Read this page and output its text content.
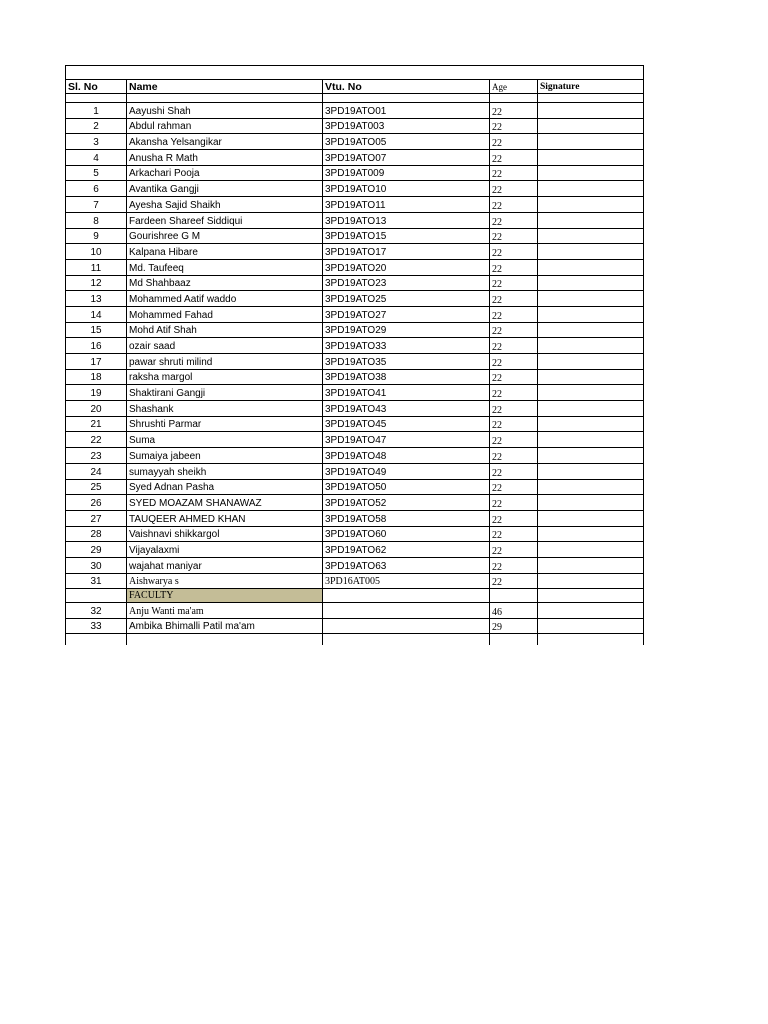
Sl. No	Name	Vtu. No	Age	Signature

1	Aayushi Shah	3PD19ATO01	22	
2	Abdul rahman	3PD19AT003	22	
3	Akansha Yelsangikar	3PD19ATO05	22	
4	Anusha R Math	3PD19ATO07	22	
5	Arkachari Pooja	3PD19AT009	22	
6	Avantika Gangji	3PD19ATO10	22	
7	Ayesha Sajid Shaikh	3PD19ATO11	22	
8	Fardeen Shareef Siddiqui	3PD19ATO13	22	
9	Gourishree G M	3PD19ATO15	22	
10	Kalpana Hibare	3PD19ATO17	22	
11	Md. Taufeeq	3PD19ATO20	22	
12	Md Shahbaaz	3PD19ATO23	22	
13	Mohammed Aatif waddo	3PD19ATO25	22	
14	Mohammed Fahad	3PD19ATO27	22	
15	Mohd Atif Shah	3PD19ATO29	22	
16	ozair saad	3PD19ATO33	22	
17	pawar shruti milind	3PD19ATO35	22	
18	raksha margol	3PD19ATO38	22	
19	Shaktirani Gangji	3PD19ATO41	22	
20	Shashank	3PD19ATO43	22	
21	Shrushti Parmar	3PD19ATO45	22	
22	Suma	3PD19ATO47	22	
23	Sumaiya jabeen	3PD19ATO48	22	
24	sumayyah sheikh	3PD19ATO49	22	
25	Syed Adnan Pasha	3PD19ATO50	22	
26	SYED MOAZAM SHANAWAZ	3PD19ATO52	22	
27	TAUQEER AHMED KHAN	3PD19ATO58	22	
28	Vaishnavi shikkargol	3PD19ATO60	22	
29	Vijayalaxmi	3PD19ATO62	22	
30	wajahat maniyar	3PD19ATO63	22	
31	Aishwarya s	3PD16AT005	22	
	FACULTY			
32	Anju Wanti ma'am		46	
33	Ambika Bhimalli Patil ma'am		29	
